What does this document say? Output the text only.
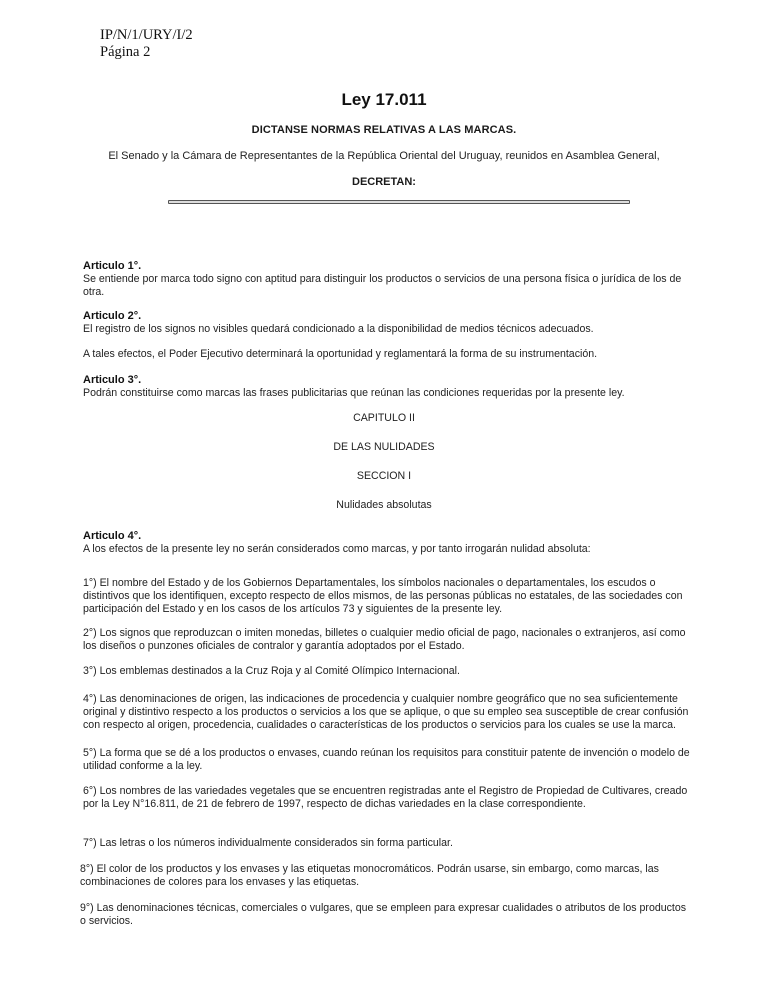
IP/N/1/URY/I/2
Página 2
Ley 17.011
DICTANSE NORMAS RELATIVAS A LAS MARCAS.
El Senado y la Cámara de Representantes de la República Oriental del Uruguay, reunidos en Asamblea General,
DECRETAN:
Articulo 1°.
Se entiende por marca todo signo con aptitud para distinguir los productos o servicios de una persona física o jurídica de los de otra.
Articulo 2°.
El registro de los signos no visibles quedará condicionado a la disponibilidad de medios técnicos adecuados.
A tales efectos, el Poder Ejecutivo determinará la oportunidad y reglamentará la forma de su instrumentación.
Articulo 3°.
Podrán constituirse como marcas las frases publicitarias que reúnan las condiciones requeridas por la presente ley.
CAPITULO II
DE LAS NULIDADES
SECCION I
Nulidades absolutas
Articulo 4°.
A los efectos de la presente ley no serán considerados como marcas, y por tanto irrogarán nulidad absoluta:
1°) El nombre del Estado y de los Gobiernos Departamentales, los símbolos nacionales o departamentales, los escudos o distintivos que los identifiquen, excepto respecto de ellos mismos, de las personas públicas no estatales, de las sociedades con participación del Estado y en los casos de los artículos 73 y siguientes de la presente ley.
2°) Los signos que reproduzcan o imiten monedas, billetes o cualquier medio oficial de pago, nacionales o extranjeros, así como los diseños o punzones oficiales de contralor y garantía adoptados por el Estado.
3°) Los emblemas destinados a la Cruz Roja y al Comité Olímpico Internacional.
4°) Las denominaciones de origen, las indicaciones de procedencia y cualquier nombre geográfico que no sea suficientemente original y distintivo respecto a los productos o servicios a los que se aplique, o que su empleo sea susceptible de crear confusión con respecto al origen, procedencia, cualidades o características de los productos o servicios para los cuales se use la marca.
5°) La forma que se dé a los productos o envases, cuando reúnan los requisitos para constituir patente de invención o modelo de utilidad conforme a la ley.
6°) Los nombres de las variedades vegetales que se encuentren registradas ante el Registro de Propiedad de Cultivares, creado por la Ley N°16.811, de 21 de febrero de 1997, respecto de dichas variedades en la clase correspondiente.
7°) Las letras o los números individualmente considerados sin forma particular.
8°) El color de los productos y los envases y las etiquetas monocromáticos. Podrán usarse, sin embargo, como marcas, las combinaciones de colores para los envases y las etiquetas.
9°) Las denominaciones técnicas, comerciales o vulgares, que se empleen para expresar cualidades o atributos de los productos o servicios.
